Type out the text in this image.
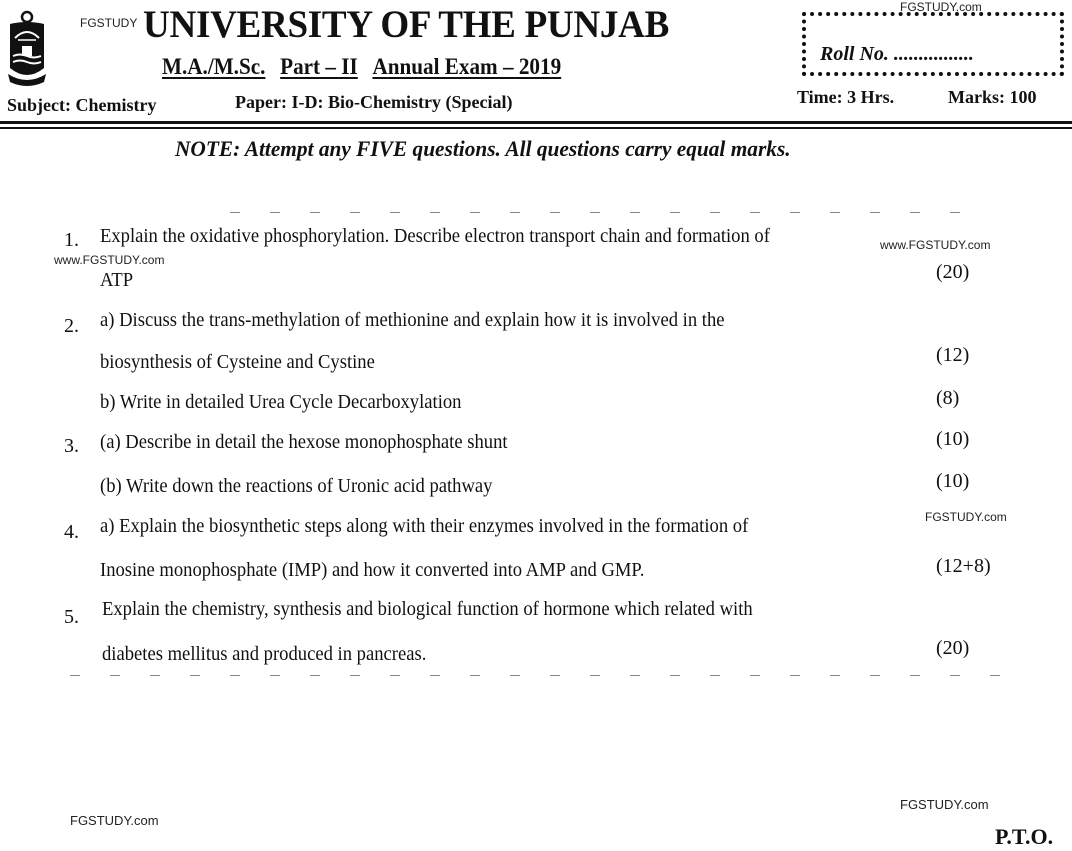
FGSTUDY UNIVERSITY OF THE PUNJAB
M.A./M.Sc. Part – II Annual Exam – 2019
Subject: Chemistry	Paper: I-D: Bio-Chemistry (Special)
FGSTUDY.com
Roll No. ................
Time: 3 Hrs.	Marks: 100
NOTE: Attempt any FIVE questions. All questions carry equal marks.
1. Explain the oxidative phosphorylation. Describe electron transport chain and formation of	www.FGSTUDY.com
www.FGSTUDY.com
ATP	(20)
2. a) Discuss the trans-methylation of methionine and explain how it is involved in the
biosynthesis of Cysteine and Cystine	(12)
b) Write in detailed Urea Cycle Decarboxylation	(8)
3. (a) Describe in detail the hexose monophosphate shunt	(10)
(b) Write down the reactions of Uronic acid pathway	(10)
4. a) Explain the biosynthetic steps along with their enzymes involved in the formation of	FGSTUDY.com
Inosine monophosphate (IMP) and how it converted into AMP and GMP.	(12+8)
5. Explain the chemistry, synthesis and biological function of hormone which related with
diabetes mellitus and produced in pancreas.	(20)
FGSTUDY.com
FGSTUDY.com
P.T.O.
